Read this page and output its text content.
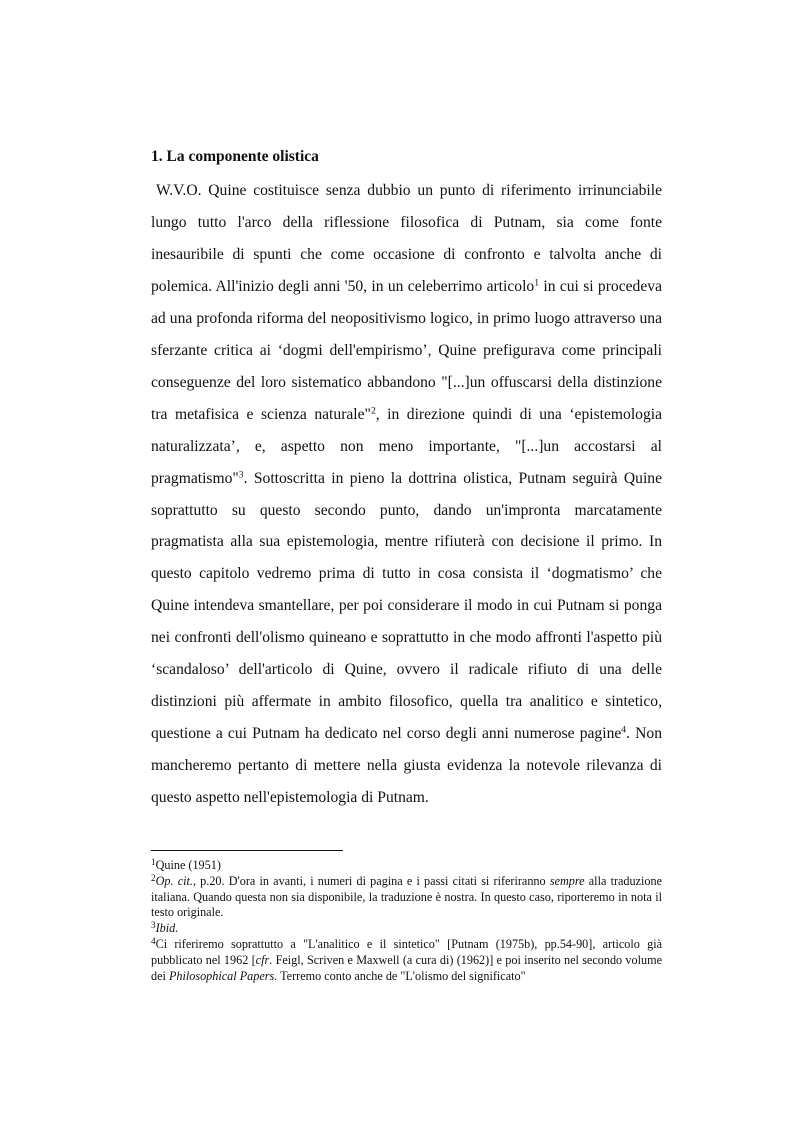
1. La componente olistica

W.V.O. Quine costituisce senza dubbio un punto di riferimento irrinunciabile lungo tutto l'arco della riflessione filosofica di Putnam, sia come fonte inesauribile di spunti che come occasione di confronto e talvolta anche di polemica. All'inizio degli anni '50, in un celeberrimo articolo$^1$ in cui si procedeva ad una profonda riforma del neopositivismo logico, in primo luogo attraverso una sferzante critica ai ‘dogmi dell'empirismo’, Quine prefigurava come principali conseguenze del loro sistematico abbandono "[...]un offuscarsi della distinzione tra metafisica e scienza naturale"$^2$, in direzione quindi di una ‘epistemologia naturalizzata’, e, aspetto non meno importante, "[...]un accostarsi al pragmatismo"$^3$. Sottoscritta in pieno la dottrina olistica, Putnam seguirà Quine soprattutto su questo secondo punto, dando un'impronta marcatamente pragmatista alla sua epistemologia, mentre rifiuterà con decisione il primo. In questo capitolo vedremo prima di tutto in cosa consista il ‘dogmatismo’ che Quine intendeva smantellare, per poi considerare il modo in cui Putnam si ponga nei confronti dell'olismo quineano e soprattutto in che modo affronti l'aspetto più ‘scandaloso’ dell'articolo di Quine, ovvero il radicale rifiuto di una delle distinzioni più affermate in ambito filosofico, quella tra analitico e sintetico, questione a cui Putnam ha dedicato nel corso degli anni numerose pagine$^4$. Non mancheremo pertanto di mettere nella giusta evidenza la notevole rilevanza di questo aspetto nell'epistemologia di Putnam.

$^1$Quine (1951)

$^2$Op. cit., p.20. D'ora in avanti, i numeri di pagina e i passi citati si riferiranno sempre alla traduzione italiana. Quando questa non sia disponibile, la traduzione è nostra. In questo caso, riporteremo in nota il testo originale.

$^3$Ibid.

$^4$Ci riferiremo soprattutto a "L'analitico e il sintetico" [Putnam (1975b), pp.54-90], articolo già pubblicato nel 1962 [cfr. Feigl, Scriven e Maxwell (a cura di) (1962)] e poi inserito nel secondo volume dei Philosophical Papers. Terremo conto anche de "L'olismo del significato"
